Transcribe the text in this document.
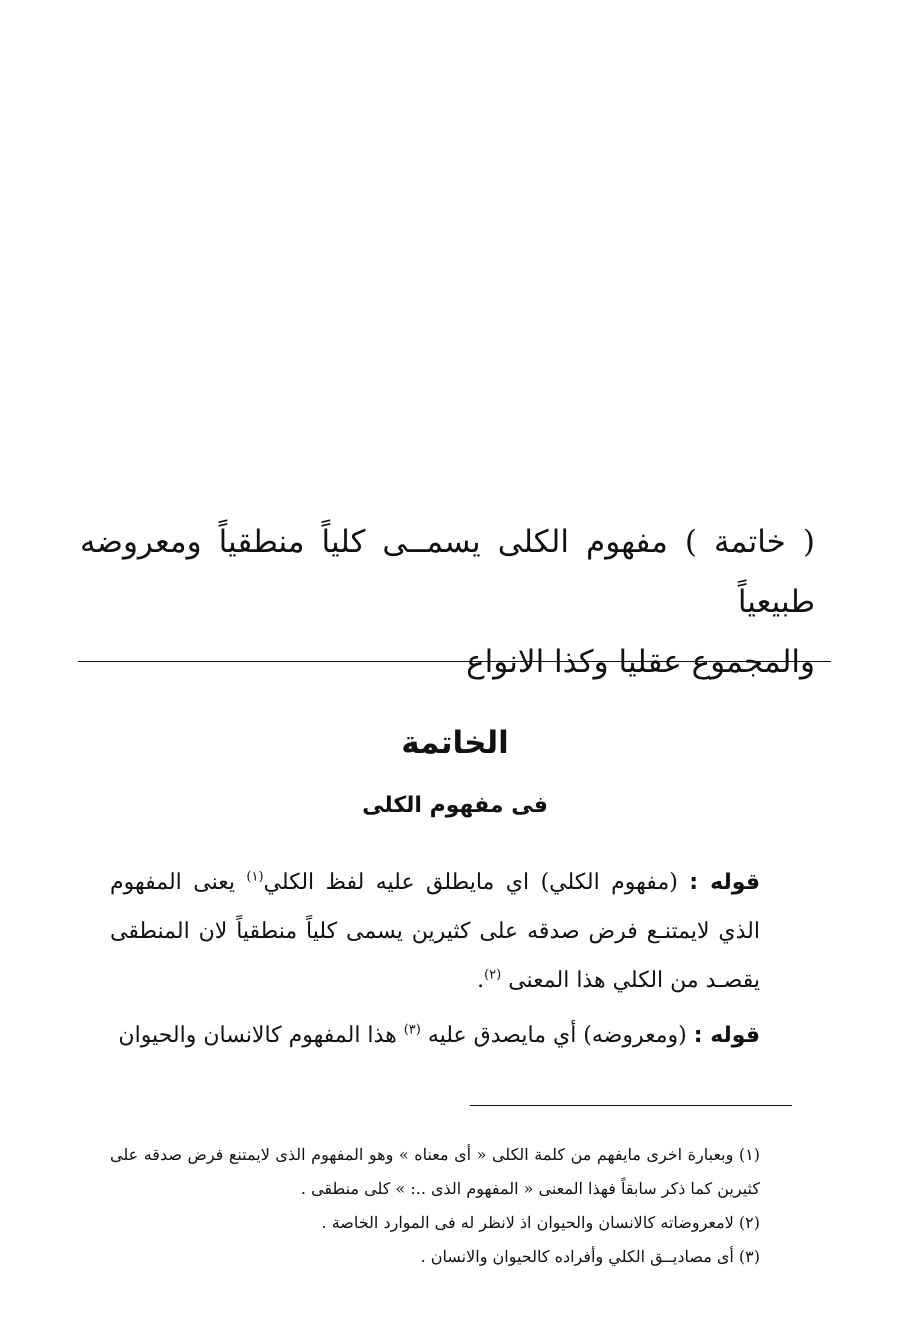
( خاتمة ) مفهوم الكلى يسمــى كلياً منطقياً ومعروضه طبيعياً

والمجموع عقليا وكذا الانواع

الخاتمة
فى مفهوم الكلى

قوله : (مفهوم الكلي) اي مايطلق عليه لفظ الكلي$^{(١)}$ يعنى المفهوم الذي لايمتنـع فرض صدقه على كثيرين يسمى كلياً منطقياً لان المنطقى يقصـد من الكلي هذا المعنى $^{(٢)}$.

قوله : (ومعروضه) أي مايصدق عليه $^{(٣)}$ هذا المفهوم كالانسان والحيوان

(١) وبعبارة اخرى مايفهم من كلمة الكلى « أى معناه » وهو المفهوم الذى لايمتنع فرض صدقه على كثيرين كما ذكر سابقاً فهذا المعنى « المفهوم الذى ..: » كلى منطقى .

(٢) لامعروضاته كالانسان والحيوان اذ لانظر له فى الموارد الخاصة .

(٣) أى مصاديــق الكلي وأفراده كالحيوان والانسان .
